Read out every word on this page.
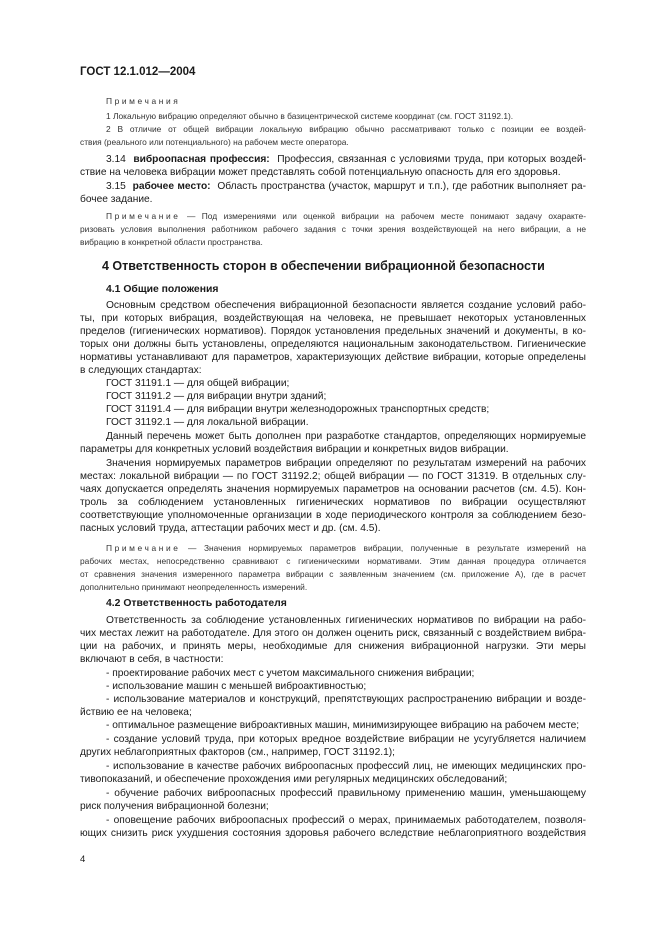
ГОСТ 12.1.012—2004
Примечания
1 Локальную вибрацию определяют обычно в базицентрической системе координат (см. ГОСТ 31192.1).
2 В отличие от общей вибрации локальную вибрацию обычно рассматривают только с позиции ее воздей-
ствия (реального или потенциального) на рабочем месте оператора.
3.14 виброопасная профессия: Профессия, связанная с условиями труда, при которых воздей-
ствие на человека вибрации может представлять собой потенциальную опасность для его здоровья.
3.15 рабочее место: Область пространства (участок, маршрут и т.п.), где работник выполняет ра-
бочее задание.
Примечание — Под измерениями или оценкой вибрации на рабочем месте понимают задачу охаракте-
ризовать условия выполнения работником рабочего задания с точки зрения воздействующей на него вибрации, а не
вибрацию в конкретной области пространства.
4 Ответственность сторон в обеспечении вибрационной безопасности
4.1 Общие положения
Основным средством обеспечения вибрационной безопасности является создание условий рабо-
ты, при которых вибрация, воздействующая на человека, не превышает некоторых установленных
пределов (гигиенических нормативов). Порядок установления предельных значений и документы, в ко-
торых они должны быть установлены, определяются национальным законодательством. Гигиенические
нормативы устанавливают для параметров, характеризующих действие вибрации, которые определены
в следующих стандартах:
ГОСТ 31191.1 — для общей вибрации;
ГОСТ 31191.2 — для вибрации внутри зданий;
ГОСТ 31191.4 — для вибрации внутри железнодорожных транспортных средств;
ГОСТ 31192.1 — для локальной вибрации.
Данный перечень может быть дополнен при разработке стандартов, определяющих нормируемые
параметры для конкретных условий воздействия вибрации и конкретных видов вибрации.
Значения нормируемых параметров вибрации определяют по результатам измерений на рабочих
местах: локальной вибрации — по ГОСТ 31192.2; общей вибрации — по ГОСТ 31319. В отдельных слу-
чаях допускается определять значения нормируемых параметров на основании расчетов (см. 4.5). Кон-
троль за соблюдением установленных гигиенических нормативов по вибрации осуществляют
соответствующие уполномоченные организации в ходе периодического контроля за соблюдением безо-
пасных условий труда, аттестации рабочих мест и др. (см. 4.5).
Примечание — Значения нормируемых параметров вибрации, полученные в результате измерений на
рабочих местах, непосредственно сравнивают с гигиеническими нормативами. Этим данная процедура отличается
от сравнения значения измеренного параметра вибрации с заявленным значением (см. приложение А), где в расчет
дополнительно принимают неопределенность измерений.
4.2 Ответственность работодателя
Ответственность за соблюдение установленных гигиенических нормативов по вибрации на рабо-
чих местах лежит на работодателе. Для этого он должен оценить риск, связанный с воздействием вибра-
ции на рабочих, и принять меры, необходимые для снижения вибрационной нагрузки. Эти меры
включают в себя, в частности:
- проектирование рабочих мест с учетом максимального снижения вибрации;
- использование машин с меньшей виброактивностью;
- использование материалов и конструкций, препятствующих распространению вибрации и возде-
йствию ее на человека;
- оптимальное размещение виброактивных машин, минимизирующее вибрацию на рабочем месте;
- создание условий труда, при которых вредное воздействие вибрации не усугубляется наличием
других неблагоприятных факторов (см., например, ГОСТ 31192.1);
- использование в качестве рабочих виброопасных профессий лиц, не имеющих медицинских про-
тивопоказаний, и обеспечение прохождения ими регулярных медицинских обследований;
- обучение рабочих виброопасных профессий правильному применению машин, уменьшающему
риск получения вибрационной болезни;
- оповещение рабочих виброопасных профессий о мерах, принимаемых работодателем, позволя-
ющих снизить риск ухудшения состояния здоровья рабочего вследствие неблагоприятного воздействия
4
